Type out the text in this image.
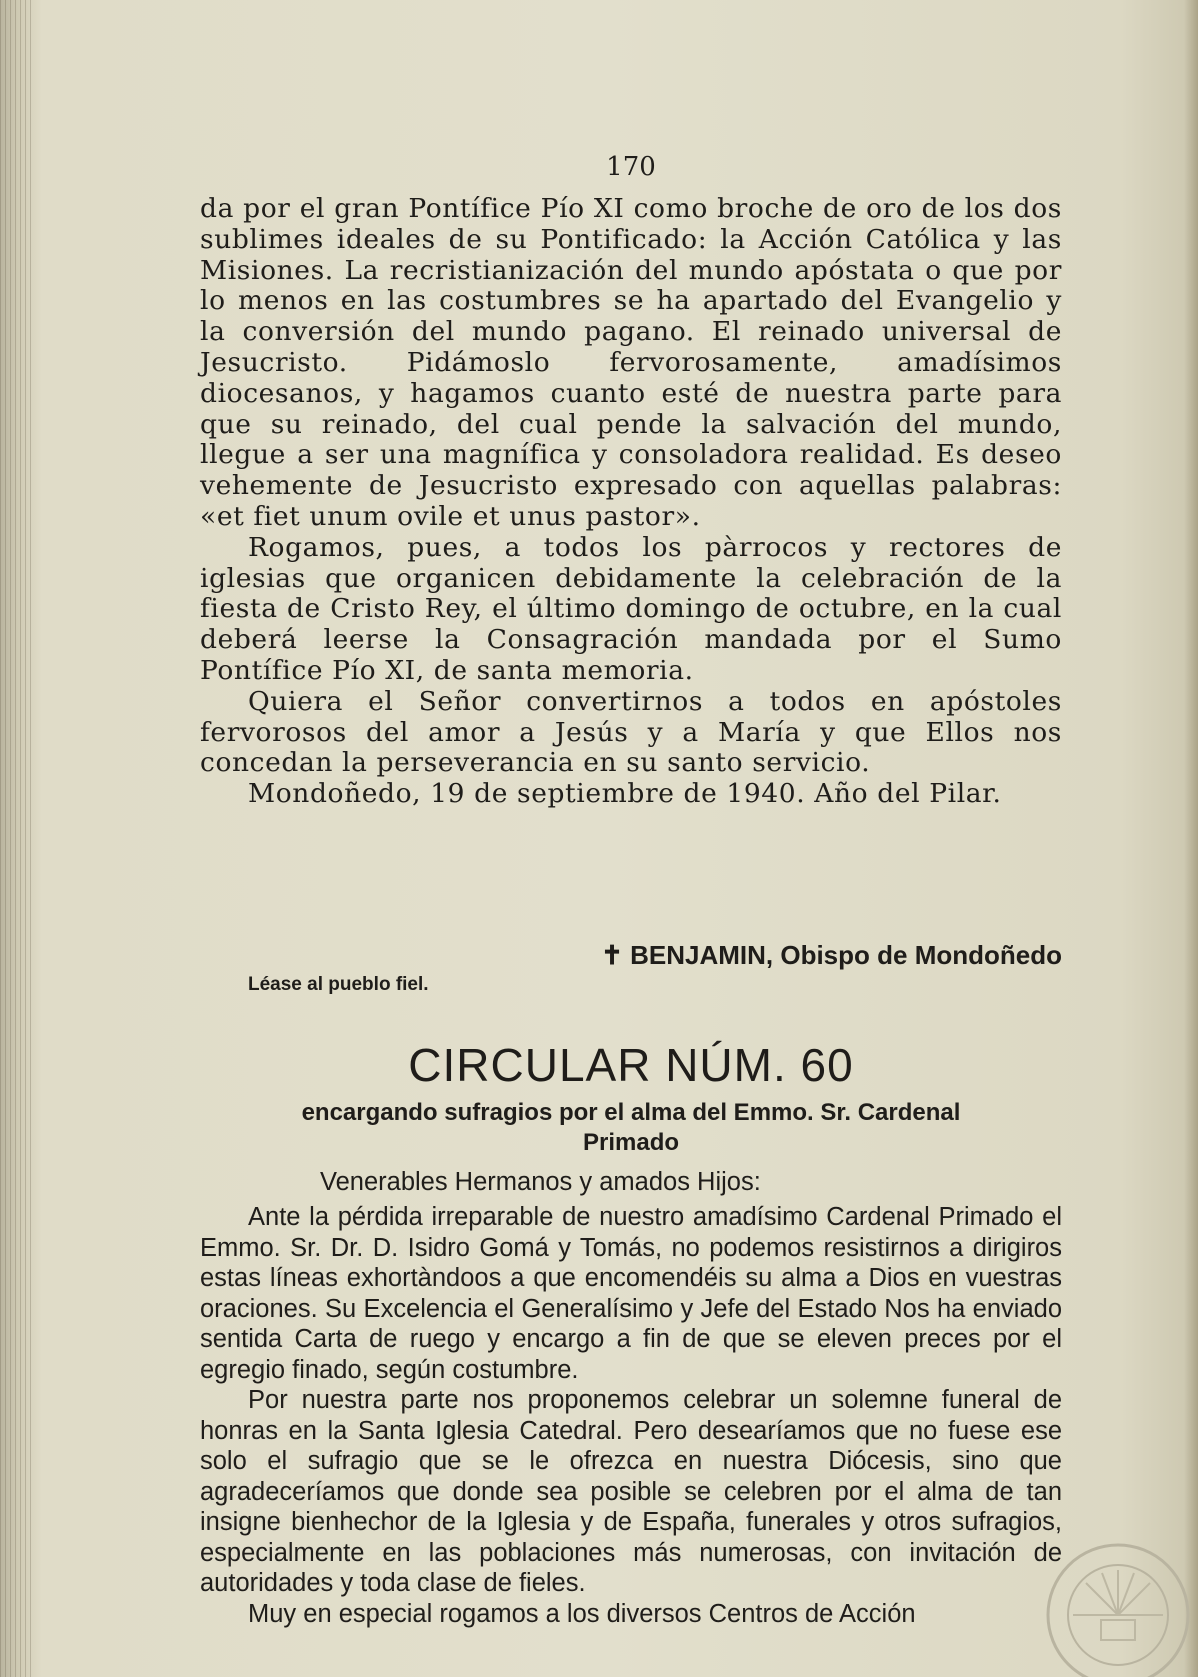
170

da por el gran Pontífice Pío XI como broche de oro de los dos sublimes ideales de su Pontificado: la Acción Católica y las Misiones. La recristianización del mundo apóstata o que por lo menos en las costumbres se ha apartado del Evangelio y la conversión del mundo pagano. El reinado universal de Jesucristo. Pidámoslo fervorosamente, amadísimos diocesanos, y hagamos cuanto esté de nuestra parte para que su reinado, del cual pende la salvación del mundo, llegue a ser una magnífica y consoladora realidad. Es deseo vehemente de Jesucristo expresado con aquellas palabras: «et fiet unum ovile et unus pastor».

Rogamos, pues, a todos los pàrrocos y rectores de iglesias que organicen debidamente la celebración de la fiesta de Cristo Rey, el último domingo de octubre, en la cual deberá leerse la Consagración mandada por el Sumo Pontífice Pío XI, de santa memoria.

Quiera el Señor convertirnos a todos en apóstoles fervorosos del amor a Jesús y a María y que Ellos nos concedan la perseverancia en su santo servicio.

Mondoñedo, 19 de septiembre de 1940. Año del Pilar.

✝ BENJAMIN, Obispo de Mondoñedo
Léase al pueblo fiel.
CIRCULAR NÚM. 60
encargando sufragios por el alma del Emmo. Sr. Cardenal
Primado
Venerables Hermanos y amados Hijos:

Ante la pérdida irreparable de nuestro amadísimo Cardenal Primado el Emmo. Sr. Dr. D. Isidro Gomá y Tomás, no podemos resistirnos a dirigiros estas líneas exhortàndoos a que encomendéis su alma a Dios en vuestras oraciones. Su Excelencia el Generalísimo y Jefe del Estado Nos ha enviado sentida Carta de ruego y encargo a fin de que se eleven preces por el egregio finado, según costumbre.

Por nuestra parte nos proponemos celebrar un solemne funeral de honras en la Santa Iglesia Catedral. Pero desearíamos que no fuese ese solo el sufragio que se le ofrezca en nuestra Diócesis, sino que agradeceríamos que donde sea posible se celebren por el alma de tan insigne bienhechor de la Iglesia y de España, funerales y otros sufragios, especialmente en las poblaciones más numerosas, con invitación de autoridades y toda clase de fieles.

Muy en especial rogamos a los diversos Centros de Acción
